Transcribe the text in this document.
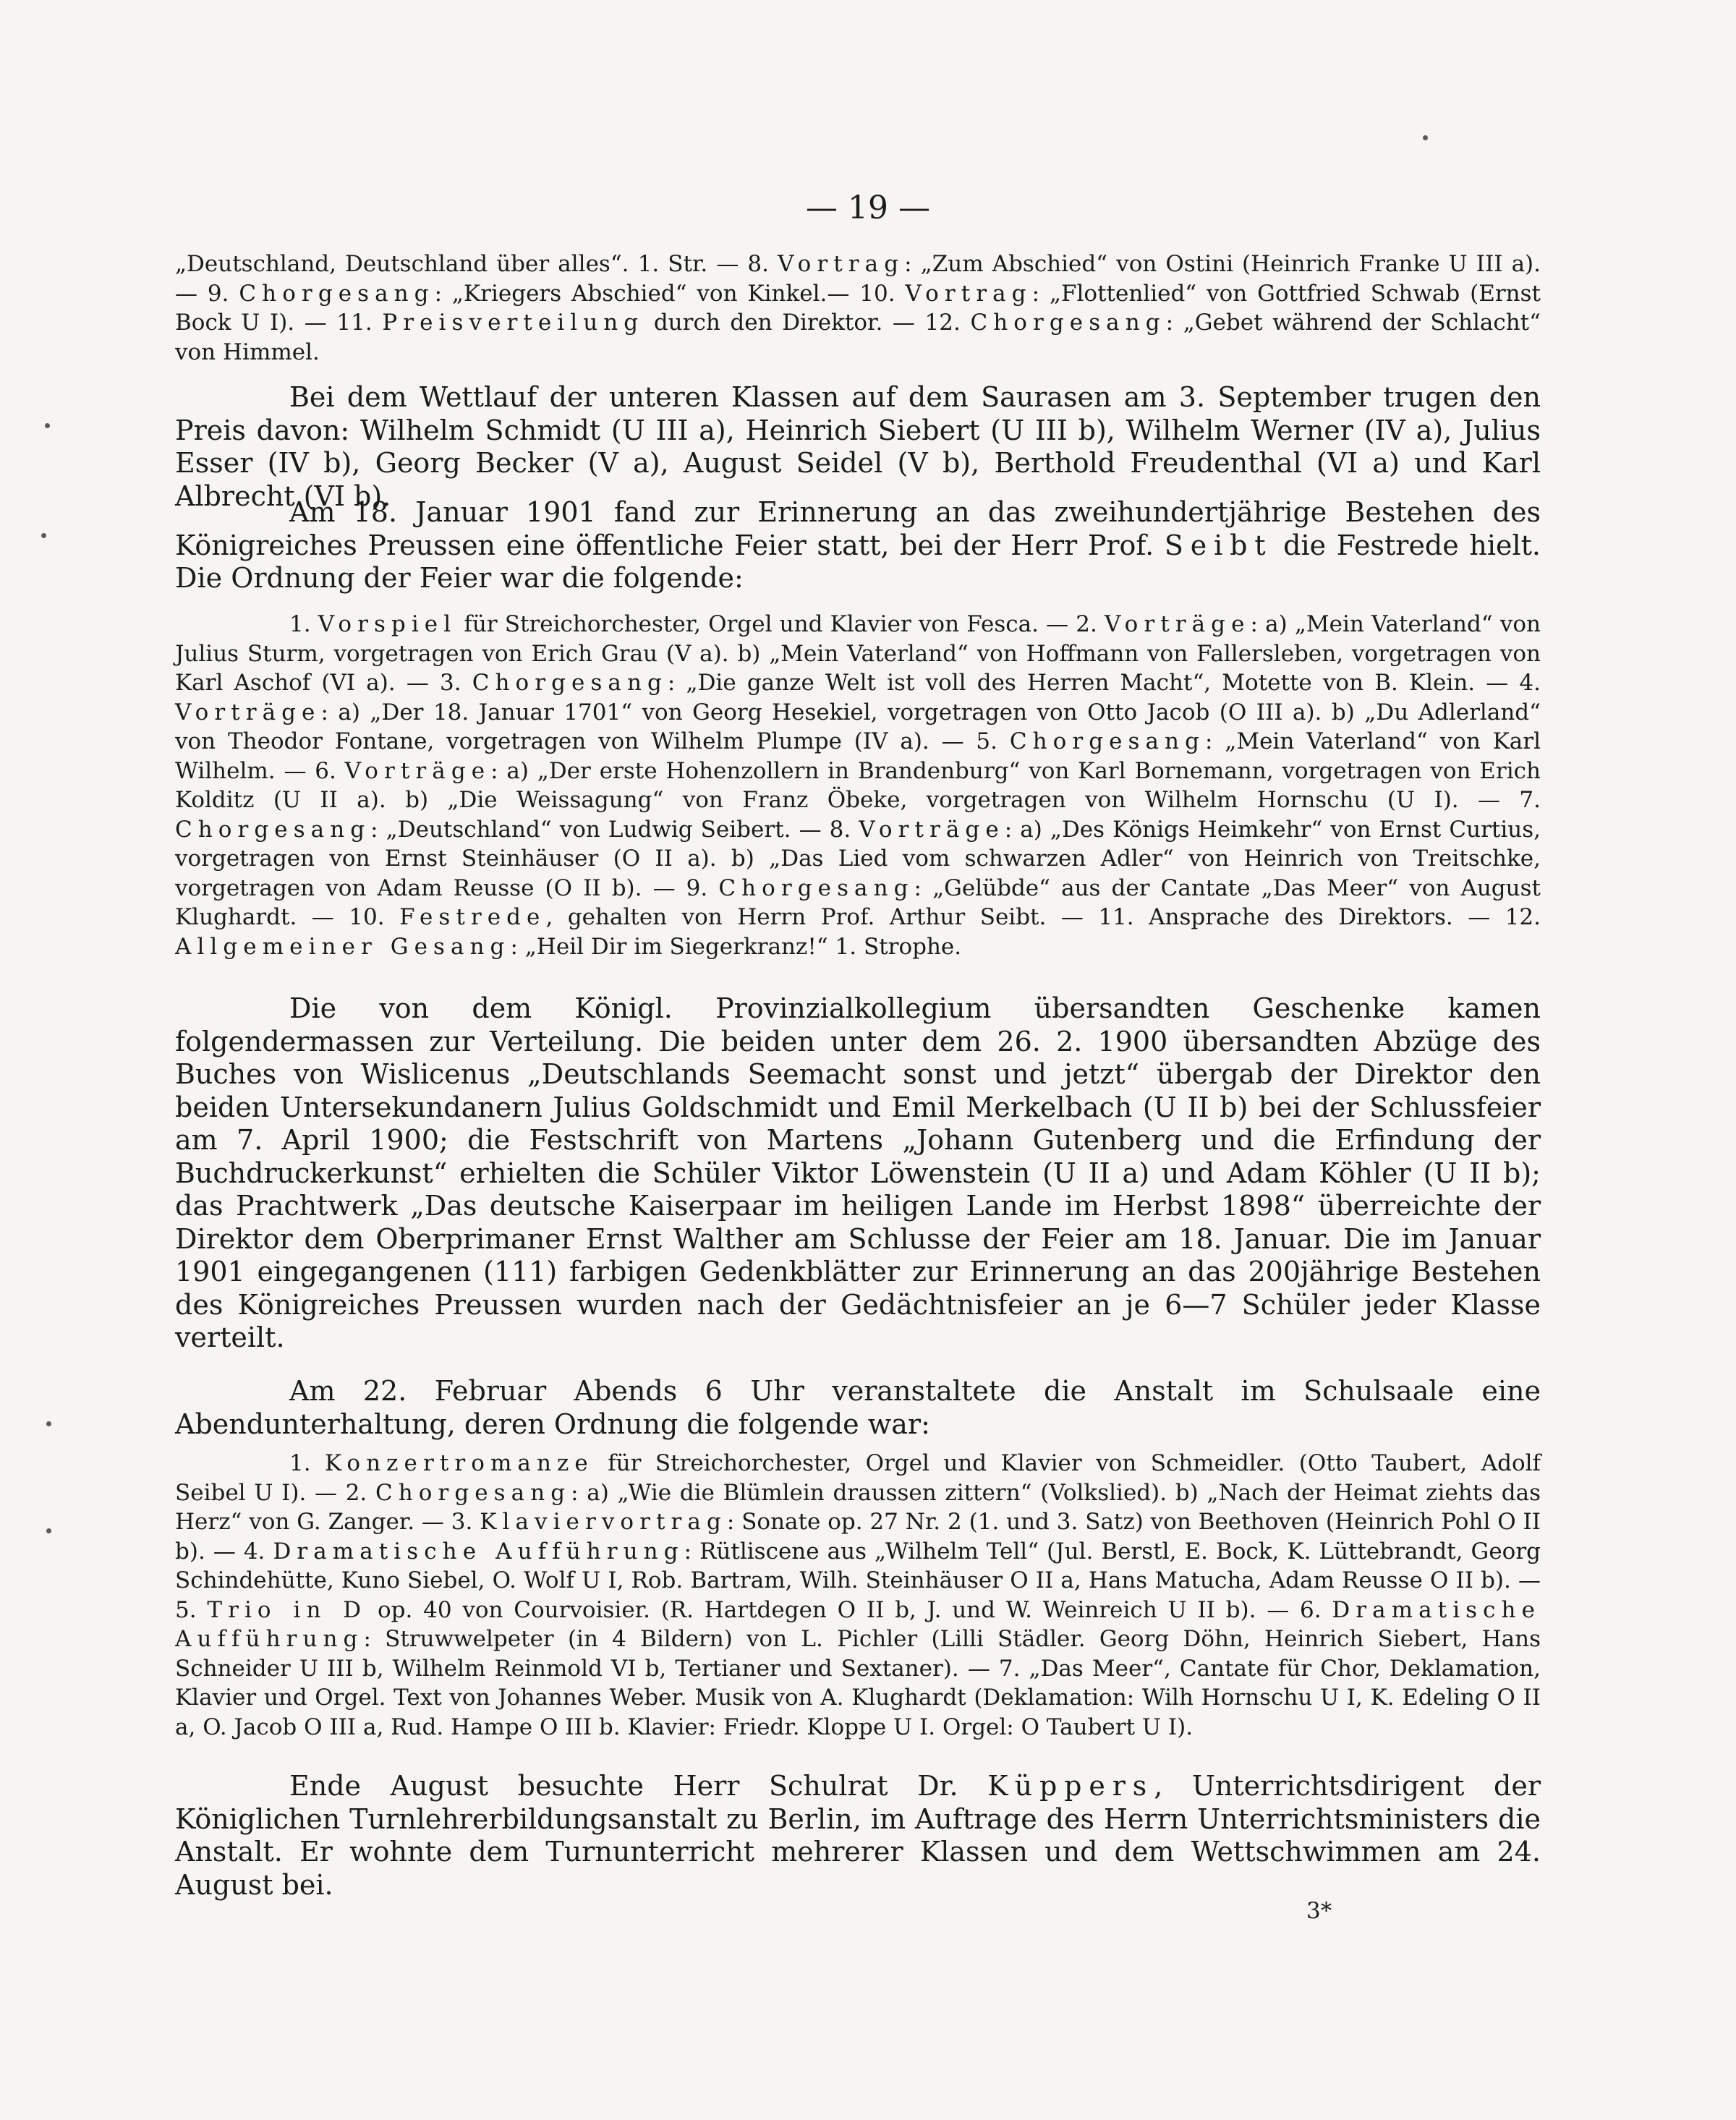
— 19 —
„Deutschland, Deutschland über alles“. 1. Str. — 8. Vortrag: „Zum Abschied“ von Ostini (Heinrich Franke U III a). — 9. Chorgesang: „Kriegers Abschied“ von Kinkel.— 10. Vortrag: „Flottenlied“ von Gottfried Schwab (Ernst Bock U I). — 11. Preisverteilung durch den Direktor. — 12. Chorgesang: „Gebet während der Schlacht“ von Himmel.
Bei dem Wettlauf der unteren Klassen auf dem Saurasen am 3. September trugen den Preis davon: Wilhelm Schmidt (U III a), Heinrich Siebert (U III b), Wilhelm Werner (IV a), Julius Esser (IV b), Georg Becker (V a), August Seidel (V b), Berthold Freudenthal (VI a) und Karl Albrecht (VI b).
Am 18. Januar 1901 fand zur Erinnerung an das zweihundertjährige Bestehen des Königreiches Preussen eine öffentliche Feier statt, bei der Herr Prof. Seibt die Festrede hielt. Die Ordnung der Feier war die folgende:
1. Vorspiel für Streichorchester, Orgel und Klavier von Fesca. — 2. Vorträge: a) „Mein Vaterland“ von Julius Sturm, vorgetragen von Erich Grau (V a). b) „Mein Vaterland“ von Hoffmann von Fallersleben, vorgetragen von Karl Aschof (VI a). — 3. Chorgesang: „Die ganze Welt ist voll des Herren Macht“, Motette von B. Klein. — 4. Vorträge: a) „Der 18. Januar 1701“ von Georg Hesekiel, vorgetragen von Otto Jacob (O III a). b) „Du Adlerland“ von Theodor Fontane, vorgetragen von Wilhelm Plumpe (IV a). — 5. Chorgesang: „Mein Vaterland“ von Karl Wilhelm. — 6. Vorträge: a) „Der erste Hohenzollern in Brandenburg“ von Karl Bornemann, vorgetragen von Erich Kolditz (U II a). b) „Die Weissagung“ von Franz Öbeke, vorgetragen von Wilhelm Hornschu (U I). — 7. Chorgesang: „Deutschland“ von Ludwig Seibert. — 8. Vorträge: a) „Des Königs Heimkehr“ von Ernst Curtius, vorgetragen von Ernst Steinhäuser (O II a). b) „Das Lied vom schwarzen Adler“ von Heinrich von Treitschke, vorgetragen von Adam Reusse (O II b). — 9. Chorgesang: „Gelübde“ aus der Cantate „Das Meer“ von August Klughardt. — 10. Festrede, gehalten von Herrn Prof. Arthur Seibt. — 11. Ansprache des Direktors. — 12. Allgemeiner Gesang: „Heil Dir im Siegerkranz!“ 1. Strophe.
Die von dem Königl. Provinzialkollegium übersandten Geschenke kamen folgendermassen zur Verteilung. Die beiden unter dem 26. 2. 1900 übersandten Abzüge des Buches von Wislicenus „Deutschlands Seemacht sonst und jetzt“ übergab der Direktor den beiden Untersekundanern Julius Goldschmidt und Emil Merkelbach (U II b) bei der Schlussfeier am 7. April 1900; die Festschrift von Martens „Johann Gutenberg und die Erfindung der Buchdruckerkunst“ erhielten die Schüler Viktor Löwenstein (U II a) und Adam Köhler (U II b); das Prachtwerk „Das deutsche Kaiserpaar im heiligen Lande im Herbst 1898“ überreichte der Direktor dem Oberprimaner Ernst Walther am Schlusse der Feier am 18. Januar. Die im Januar 1901 eingegangenen (111) farbigen Gedenkblätter zur Erinnerung an das 200jährige Bestehen des Königreiches Preussen wurden nach der Gedächtnisfeier an je 6—7 Schüler jeder Klasse verteilt.
Am 22. Februar Abends 6 Uhr veranstaltete die Anstalt im Schulsaale eine Abendunterhaltung, deren Ordnung die folgende war:
1. Konzertromanze für Streichorchester, Orgel und Klavier von Schmeidler. (Otto Taubert, Adolf Seibel U I). — 2. Chorgesang: a) „Wie die Blümlein draussen zittern“ (Volkslied). b) „Nach der Heimat ziehts das Herz“ von G. Zanger. — 3. Klaviervortrag: Sonate op. 27 Nr. 2 (1. und 3. Satz) von Beethoven (Heinrich Pohl O II b). — 4. Dramatische Aufführung: Rütliscene aus „Wilhelm Tell“ (Jul. Berstl, E. Bock, K. Lüttebrandt, Georg Schindehütte, Kuno Siebel, O. Wolf U I, Rob. Bartram, Wilh. Steinhäuser O II a, Hans Matucha, Adam Reusse O II b). — 5. Trio in D op. 40 von Courvoisier. (R. Hartdegen O II b, J. und W. Weinreich U II b). — 6. Dramatische Aufführung: Struwwelpeter (in 4 Bildern) von L. Pichler (Lilli Städler. Georg Döhn, Heinrich Siebert, Hans Schneider U III b, Wilhelm Reinmold VI b, Tertianer und Sextaner). — 7. „Das Meer“, Cantate für Chor, Deklamation, Klavier und Orgel. Text von Johannes Weber. Musik von A. Klughardt (Deklamation: Wilh Hornschu U I, K. Edeling O II a, O. Jacob O III a, Rud. Hampe O III b. Klavier: Friedr. Kloppe U I. Orgel: O Taubert U I).
Ende August besuchte Herr Schulrat Dr. Küppers, Unterrichtsdirigent der Königlichen Turnlehrerbildungsanstalt zu Berlin, im Auftrage des Herrn Unterrichtsministers die Anstalt. Er wohnte dem Turnunterricht mehrerer Klassen und dem Wettschwimmen am 24. August bei.
3*
